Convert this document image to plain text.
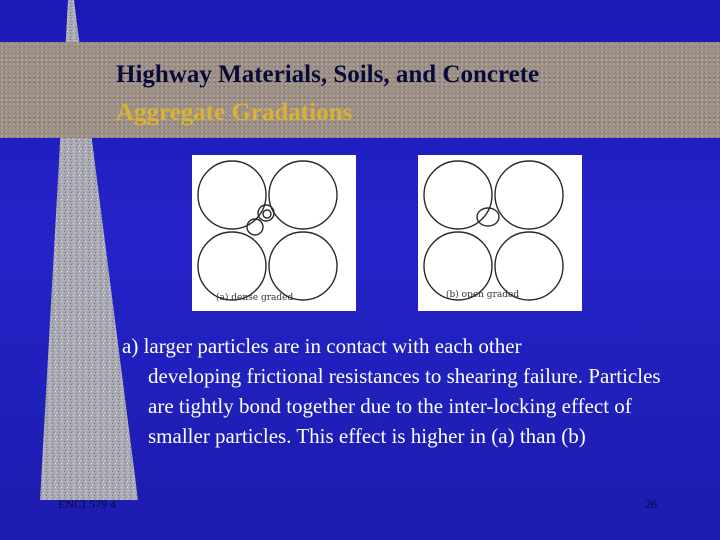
Highway Materials, Soils, and Concrete
Aggregate Gradations
(a) dense graded	(b) open graded

a) larger particles are in contact with each other
developing frictional resistances to shearing failure. Particles are tightly bond together due to the inter-locking effect of smaller particles. This effect is higher in (a) than (b)

ENCI 579 4	26
